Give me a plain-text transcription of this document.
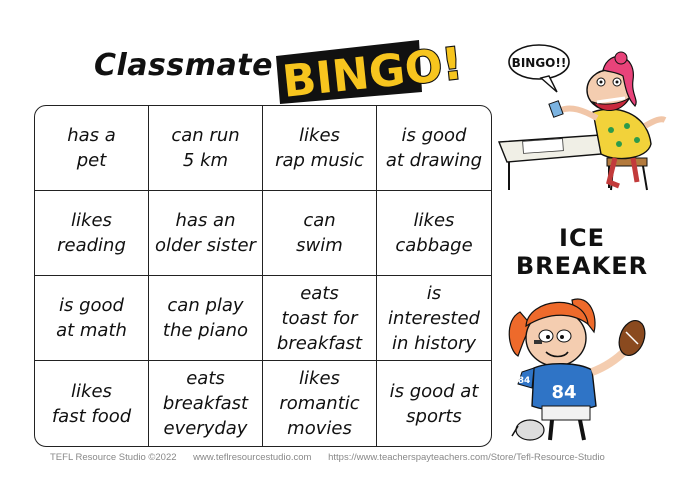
Classmate BINGO!
has a
pet
can run
5 km
likes
rap music
is good
at drawing
likes
reading
has an
older sister
can
swim
likes
cabbage
is good
at math
can play
the piano
eats
toast for
breakfast
is
interested
in history
likes
fast food
eats
breakfast
everyday
likes
romantic
movies
is good at
sports
BINGO!!
ICE BREAKER
84
84
TEFL Resource Studio ©2022 www.teflresourcestudio.com https://www.teacherspayteachers.com/Store/Tefl-Resource-Studio
